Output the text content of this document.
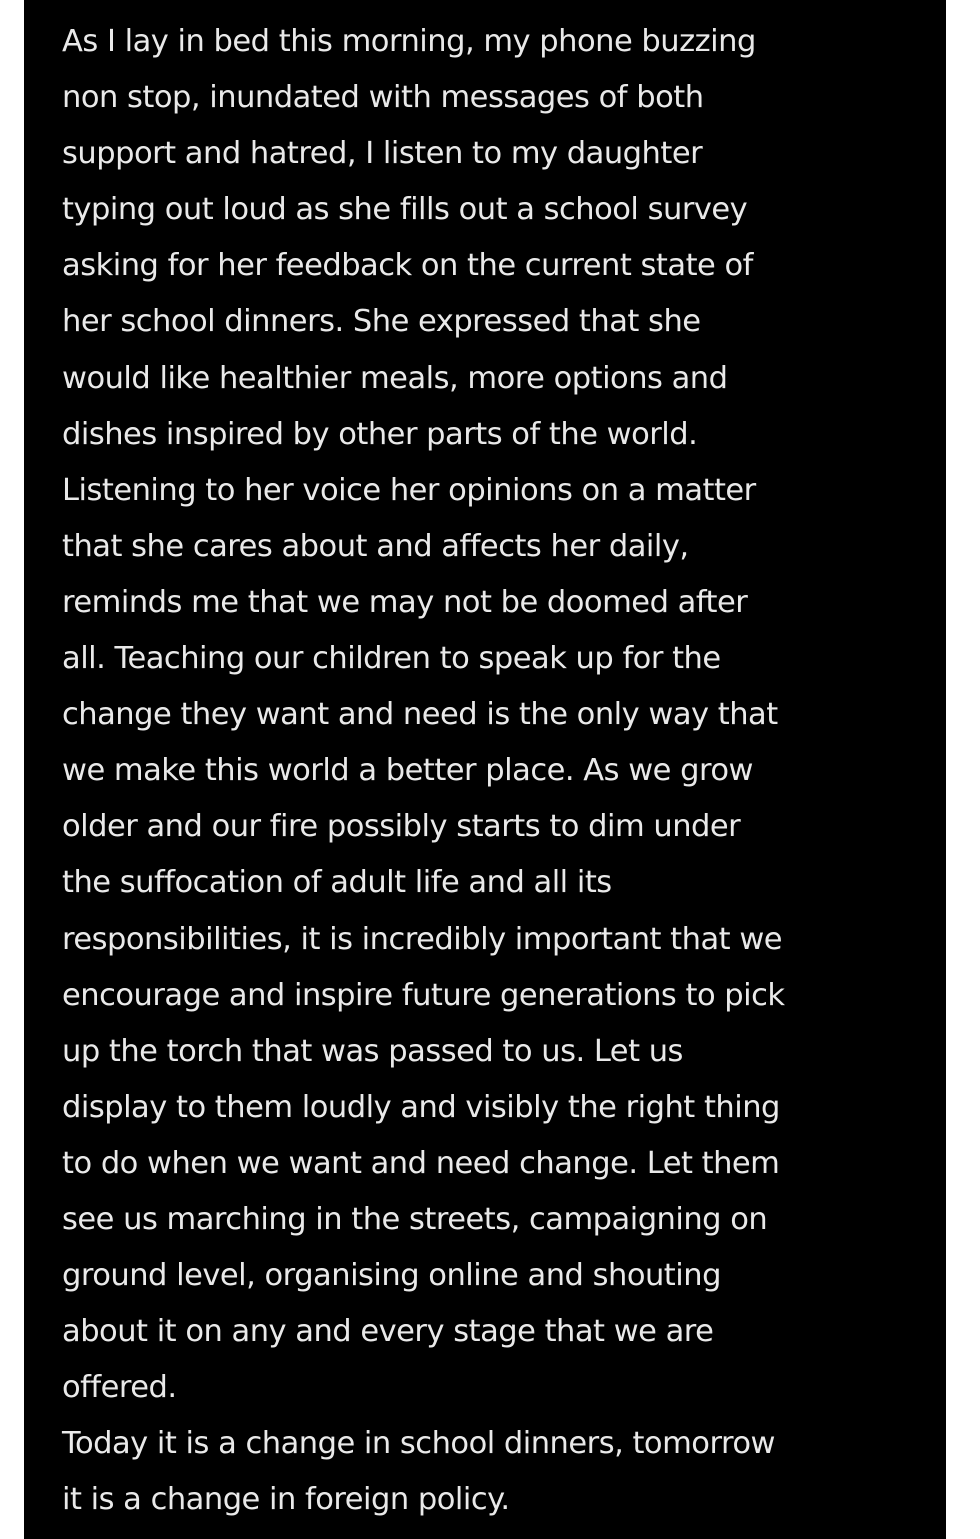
As I lay in bed this morning, my phone buzzing
non stop, inundated with messages of both
support and hatred, I listen to my daughter
typing out loud as she fills out a school survey
asking for her feedback on the current state of
her school dinners. She expressed that she
would like healthier meals, more options and
dishes inspired by other parts of the world.
Listening to her voice her opinions on a matter
that she cares about and affects her daily,
reminds me that we may not be doomed after
all. Teaching our children to speak up for the
change they want and need is the only way that
we make this world a better place. As we grow
older and our fire possibly starts to dim under
the suffocation of adult life and all its
responsibilities, it is incredibly important that we
encourage and inspire future generations to pick
up the torch that was passed to us. Let us
display to them loudly and visibly the right thing
to do when we want and need change. Let them
see us marching in the streets, campaigning on
ground level, organising online and shouting
about it on any and every stage that we are
offered.
Today it is a change in school dinners, tomorrow
it is a change in foreign policy.
